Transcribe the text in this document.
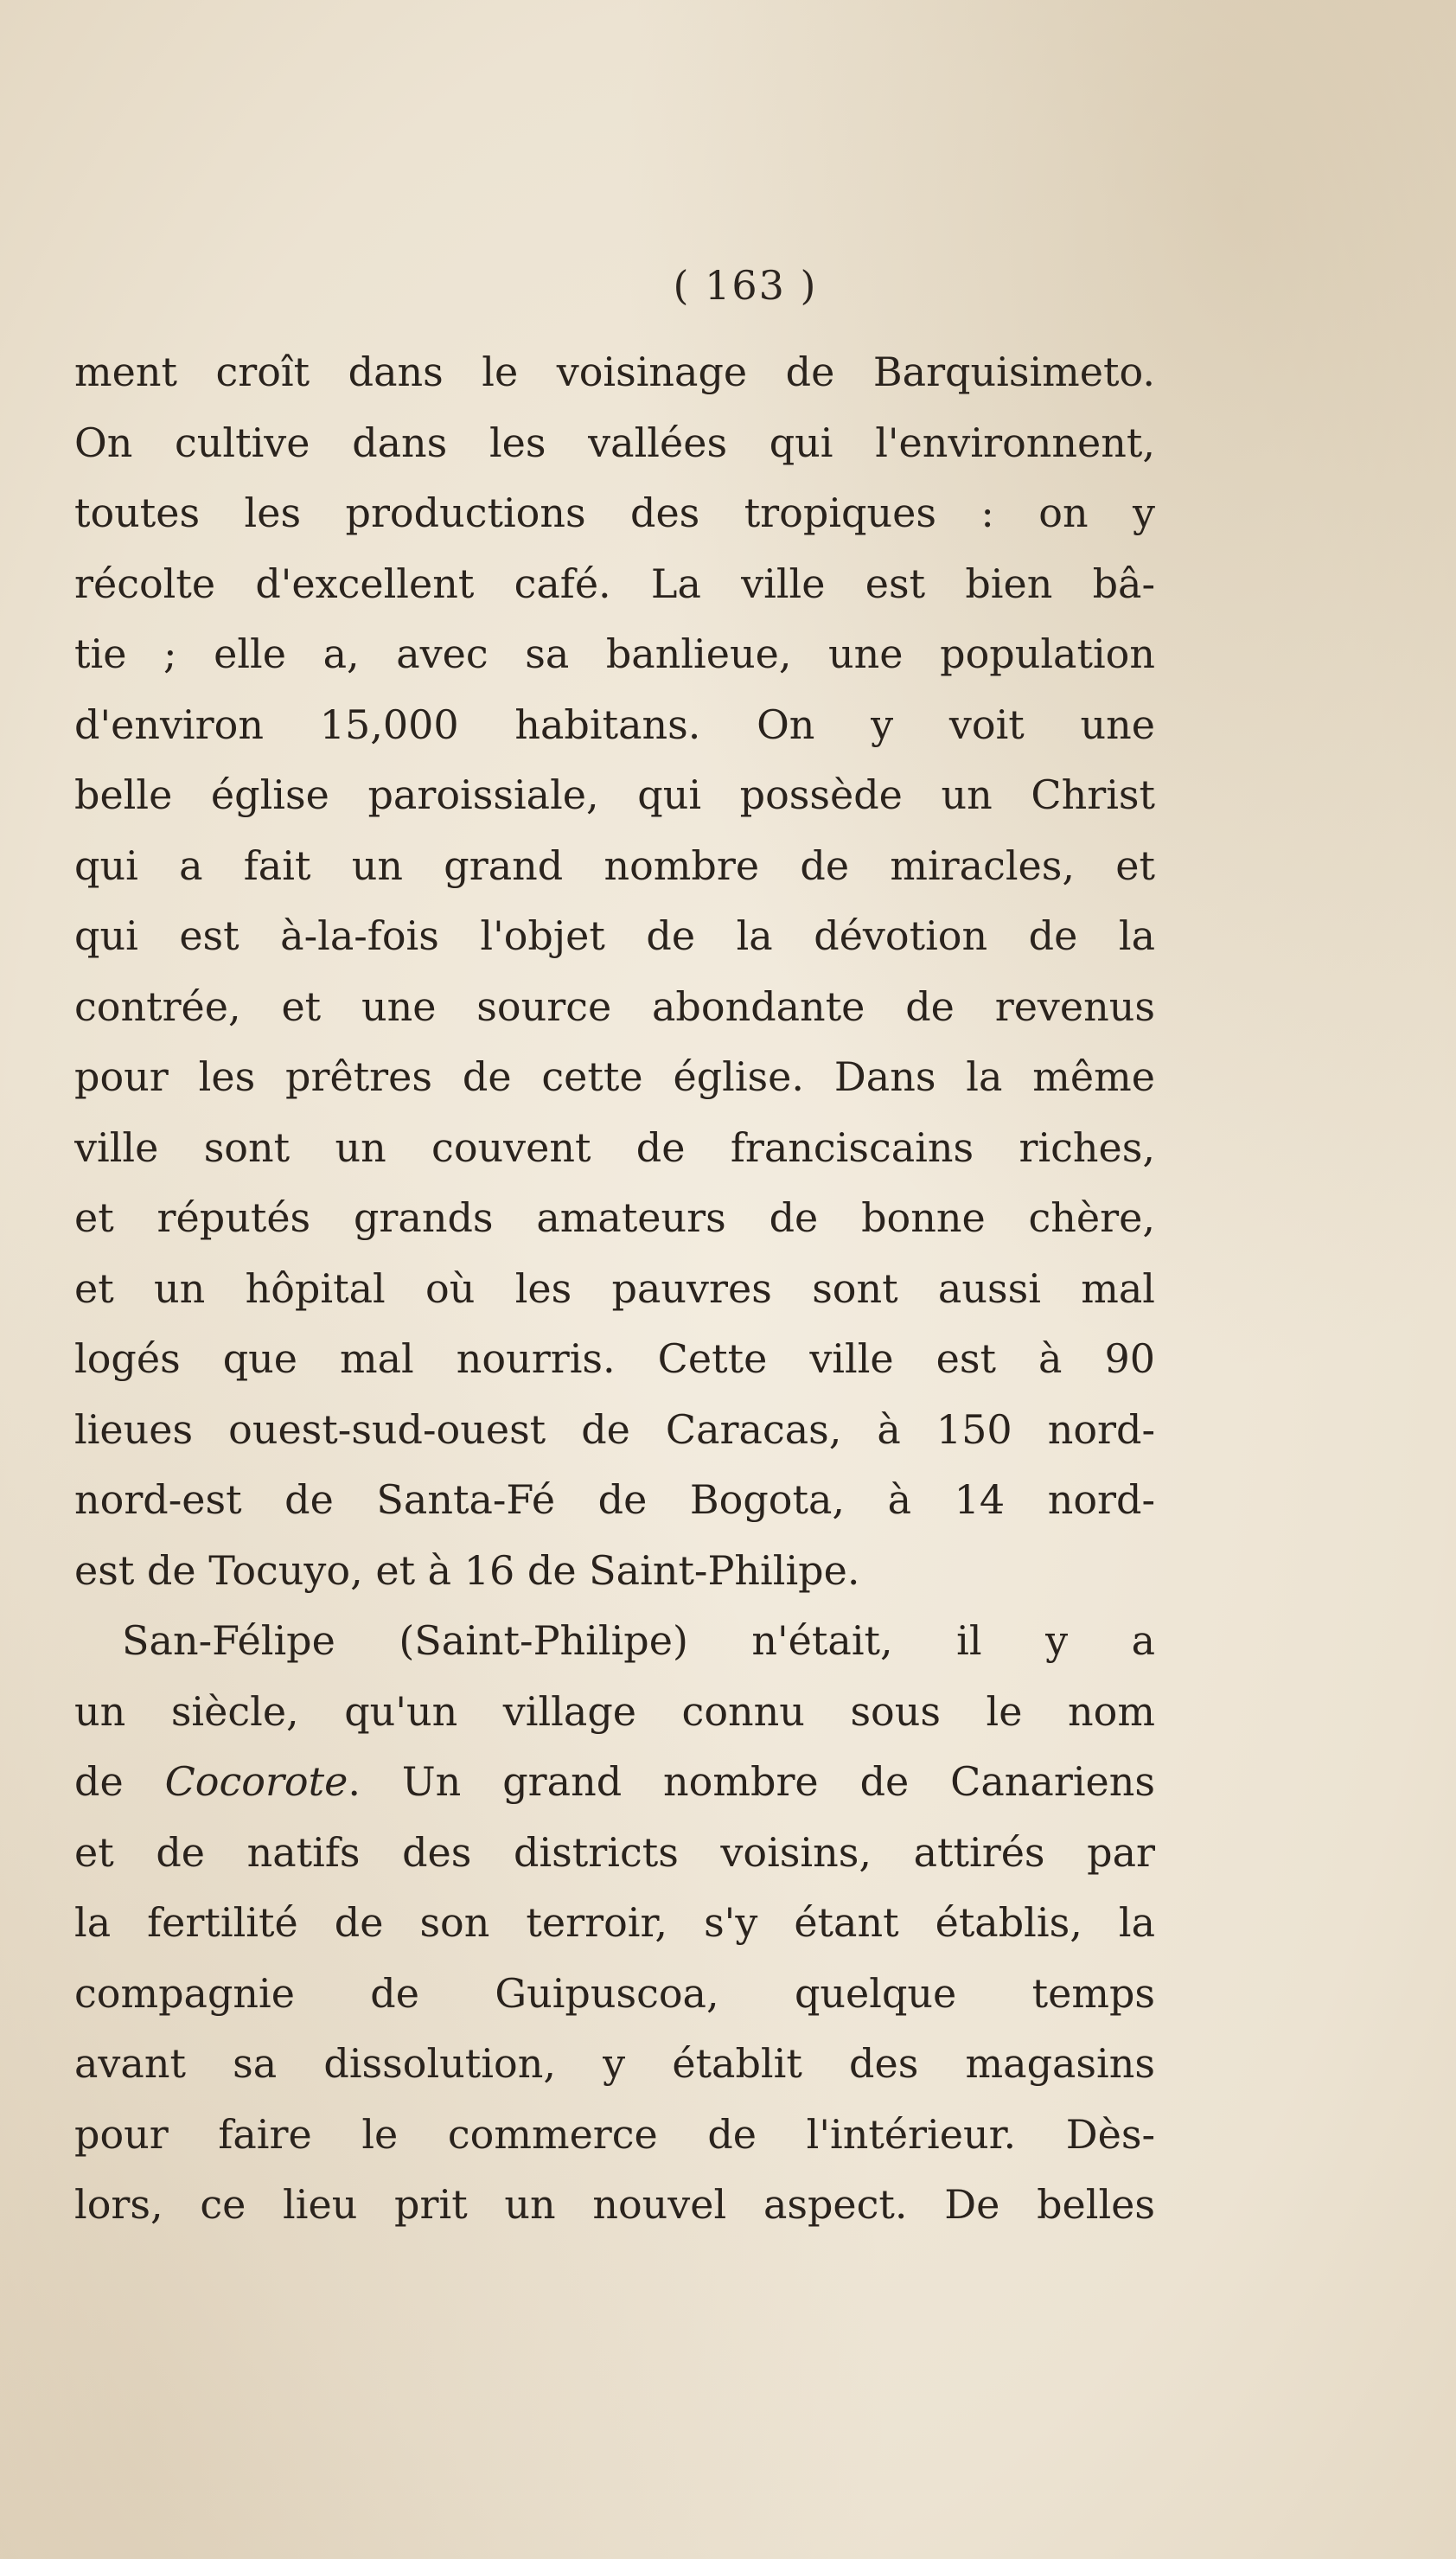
( 163 )
ment croît dans le voisinage de Barquisimeto.
On cultive dans les vallées qui l'environnent,
toutes les productions des tropiques : on y
récolte d'excellent café. La ville est bien bâ-
tie ; elle a, avec sa banlieue, une population
d'environ 15,000 habitans. On y voit une
belle église paroissiale, qui possède un Christ
qui a fait un grand nombre de miracles, et
qui est à-la-fois l'objet de la dévotion de la
contrée, et une source abondante de revenus
pour les prêtres de cette église. Dans la même
ville sont un couvent de franciscains riches,
et réputés grands amateurs de bonne chère,
et un hôpital où les pauvres sont aussi mal
logés que mal nourris. Cette ville est à 90
lieues ouest-sud-ouest de Caracas, à 150 nord-
nord-est de Santa-Fé de Bogota, à 14 nord-
est de Tocuyo, et à 16 de Saint-Philipe.
San-Félipe (Saint-Philipe) n'était, il y a
un siècle, qu'un village connu sous le nom
de Cocorote. Un grand nombre de Canariens
et de natifs des districts voisins, attirés par
la fertilité de son terroir, s'y étant établis, la
compagnie de Guipuscoa, quelque temps
avant sa dissolution, y établit des magasins
pour faire le commerce de l'intérieur. Dès-
lors, ce lieu prit un nouvel aspect. De belles
